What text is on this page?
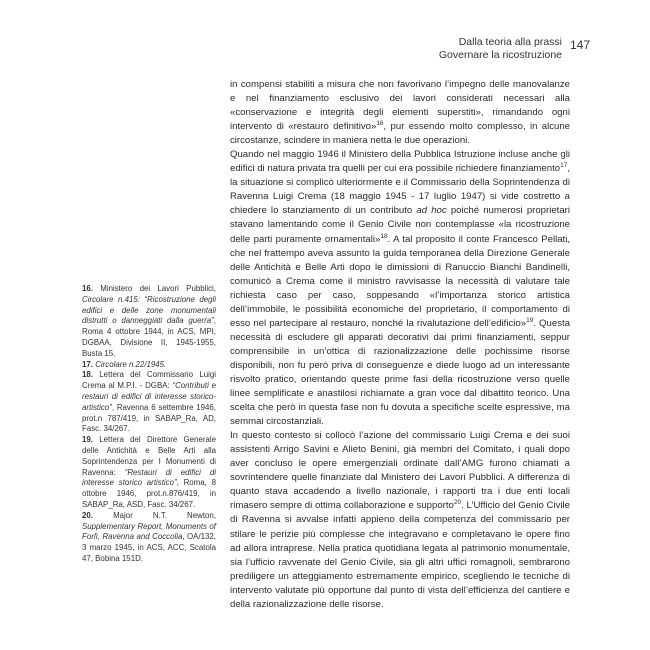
Dalla teoria alla prassi
Governare la ricostruzione
147

16. Ministero dei Lavori Pubblici, Circolare n.415: “Ricostruzione degli edifici e delle zone monumentali distrutti o danneggiati dalla guerra”, Roma 4 ottobre 1944, in ACS, MPI, DGBAA, Divisione II, 1945-1955, Busta 15.

17. Circolare n.22/1945.

18. Lettera del Commissario Luigi Crema al M.P.I. - DGBA: “Contributi e restauri di edifici di interesse storico-artistico”, Ravenna 6 settembre 1946, prot.n 787/419, in SABAP_Ra, AD, Fasc. 34/267.

19. Lettera del Direttore Generale delle Antichità e Belle Arti alla Soprintendenza per I Monumenti di Ravenna: “Restauri di edifici di interesse storico artistico”, Roma, 8 ottobre 1946, prot.n.876/419, in SABAP_Ra, ASD, Fasc. 34/267.

20. Major N.T. Newton, Supplementary Report, Monuments of Forlì, Ravenna and Coccolia, OA/132, 3 marzo 1945, in ACS, ACC, Scatola 47, Bobina 151D.

in compensi stabiliti a misura che non favorivano l’impegno delle manovalanze e nel finanziamento esclusivo dei lavori considerati necessari alla «conservazione e integrità degli elementi superstiti», rimandando ogni intervento di «restauro definitivo»$^{16}$, pur essendo molto complesso, in alcune circostanze, scindere in maniera netta le due operazioni.

Quando nel maggio 1946 il Ministero della Pubblica Istruzione incluse anche gli edifici di natura privata tra quelli per cui era possibile richiedere finanziamento$^{17}$, la situazione si complicò ulteriormente e il Commissario della Soprintendenza di Ravenna Luigi Crema (18 maggio 1945 - 17 luglio 1947) si vide costretto a chiedere lo stanziamento di un contributo ad hoc poiché numerosi proprietari stavano lamentando come il Genio Civile non contemplasse «la ricostruzione delle parti puramente ornamentali»$^{18}$. A tal proposito il conte Francesco Pellati, che nel frattempo aveva assunto la guida temporanea della Direzione Generale delle Antichità e Belle Arti dopo le dimissioni di Ranuccio Bianchi Bandinelli, comunicò a Crema come il ministro ravvisasse la necessità di valutare tale richiesta caso per caso, soppesando «l’importanza storico artistica dell’immobile, le possibilità economiche del proprietario, il comportamento di esso nel partecipare al restauro, nonché la rivalutazione dell’edificio»$^{19}$. Questa necessità di escludere gli apparati decorativi dai primi finanziamenti, seppur comprensibile in un’ottica di razionalizzazione delle pochissime risorse disponibili, non fu però priva di conseguenze e diede luogo ad un interessante risvolto pratico, orientando queste prime fasi della ricostruzione verso quelle linee semplificate e anastilosi richiamate a gran voce dal dibattito teorico. Una scelta che però in questa fase non fu dovuta a specifiche scelte espressive, ma semmai circostanziali.

In questo contesto si collocò l’azione del commissario Luigi Crema e dei suoi assistenti Arrigo Savini e Alieto Benini, già membri del Comitato, i quali dopo aver concluso le opere emergenziali ordinate dall’AMG furono chiamati a sovrintendere quelle finanziate dal Ministero dei Lavori Pubblici. A differenza di quanto stava accadendo a livello nazionale, i rapporti tra i due enti locali rimasero sempre di ottima collaborazione e supporto$^{20}$. L’Ufficio del Genio Civile di Ravenna si avvalse infatti appieno della competenza del commissario per stilare le perizie più complesse che integravano e completavano le opere fino ad allora intraprese. Nella pratica quotidiana legata al patrimonio monumentale, sia l’ufficio ravvenate del Genio Civile, sia gli altri uffici romagnoli, sembrarono prediligere un atteggiamento estremamente empirico, scegliendo le tecniche di intervento valutate più opportune dal punto di vista dell’efficienza del cantiere e della razionalizzazione delle risorse.
